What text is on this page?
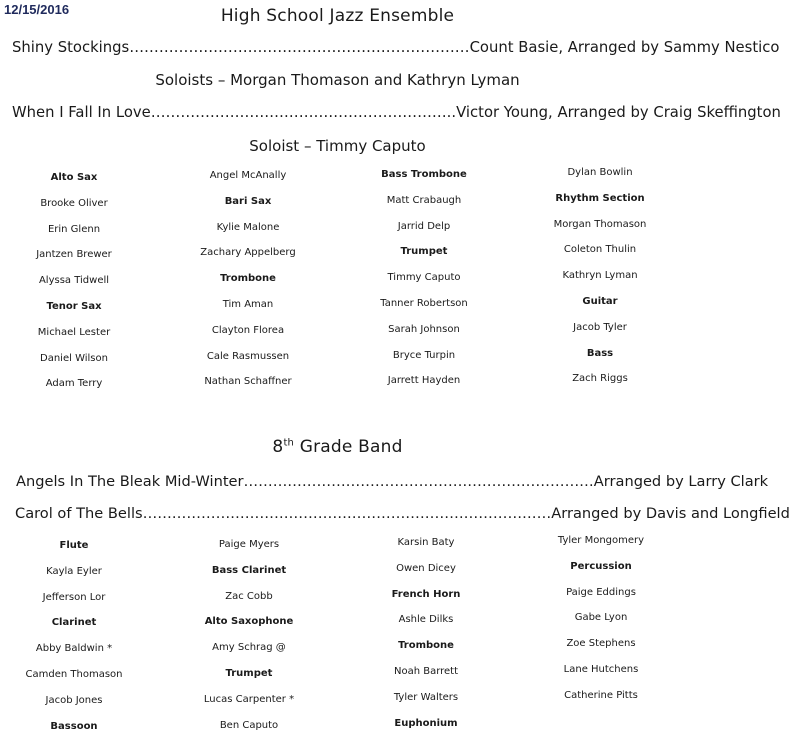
12/15/2016	High School Jazz Ensemble
Shiny Stockings……………………………………………………………Count Basie, Arranged by Sammy Nestico
Soloists – Morgan Thomason and Kathryn Lyman
When I Fall In Love……………………………………………………..Victor Young, Arranged by Craig Skeffington
Soloist – Timmy Caputo
Alto Sax
Brooke Oliver
Erin Glenn
Jantzen Brewer
Alyssa Tidwell
Tenor Sax
Michael Lester
Daniel Wilson
Adam Terry
Angel McAnally
Bari Sax
Kylie Malone
Zachary Appelberg
Trombone
Tim Aman
Clayton Florea
Cale Rasmussen
Nathan Schaffner
Bass Trombone
Matt Crabaugh
Jarrid Delp
Trumpet
Timmy Caputo
Tanner Robertson
Sarah Johnson
Bryce Turpin
Jarrett Hayden
Dylan Bowlin
Rhythm Section
Morgan Thomason
Coleton Thulin
Kathryn Lyman
Guitar
Jacob Tyler
Bass
Zach Riggs
8th Grade Band
Angels In The Bleak Mid-Winter………………………………………………………………Arranged by Larry Clark
Carol of The Bells…………………………………………………………………………Arranged by Davis and Longfield
Flute
Kayla Eyler
Jefferson Lor
Clarinet
Abby Baldwin *
Camden Thomason
Jacob Jones
Bassoon
Paige Myers
Bass Clarinet
Zac Cobb
Alto Saxophone
Amy Schrag @
Trumpet
Lucas Carpenter *
Ben Caputo
Karsin Baty
Owen Dicey
French Horn
Ashle Dilks
Trombone
Noah Barrett
Tyler Walters
Euphonium
Tyler Mongomery
Percussion
Paige Eddings
Gabe Lyon
Zoe Stephens
Lane Hutchens
Catherine Pitts
